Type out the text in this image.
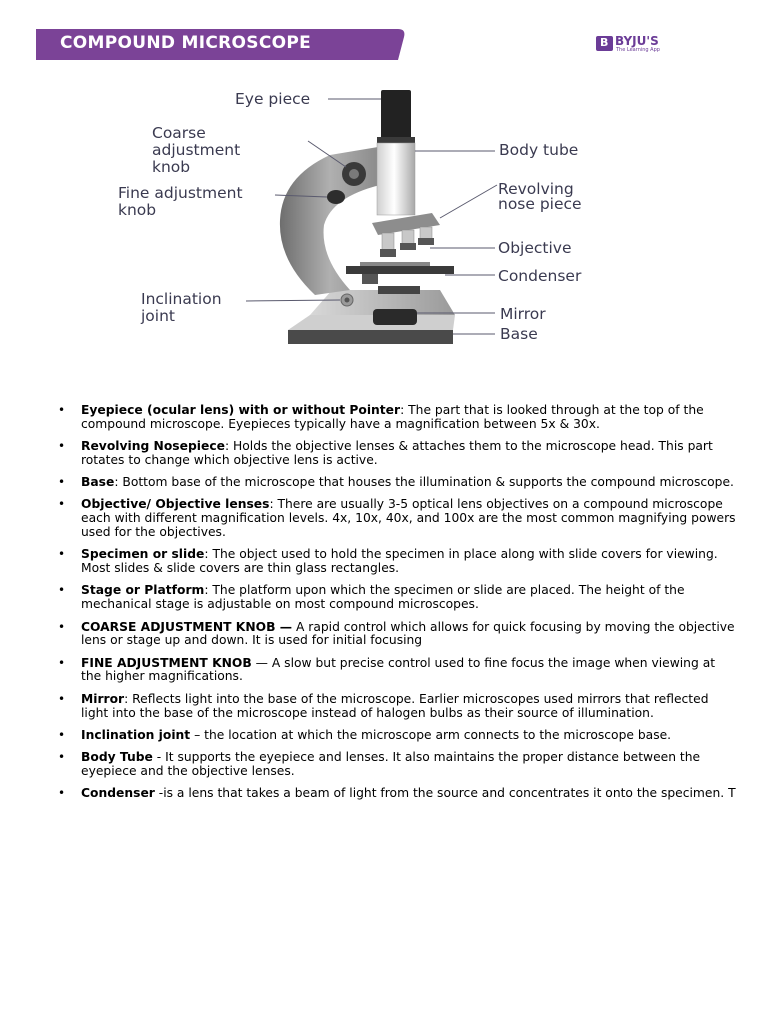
COMPOUND MICROSCOPE	B BYJU'S
The Learning App
Eye piece
Coarse
adjustment
knob
Fine adjustment
knob
Inclination
joint
Body tube
Revolving
nose piece
Objective
Condenser
Mirror
Base
• Eyepiece (ocular lens) with or without Pointer: The part that is looked through at the top of the compound microscope. Eyepieces typically have a magnification between 5x & 30x.
• Revolving Nosepiece: Holds the objective lenses & attaches them to the microscope head. This part rotates to change which objective lens is active.
• Base: Bottom base of the microscope that houses the illumination & supports the compound microscope.
• Objective/ Objective lenses: There are usually 3-5 optical lens objectives on a compound microscope each with different magnification levels. 4x, 10x, 40x, and 100x are the most common magnifying powers used for the objectives.
• Specimen or slide: The object used to hold the specimen in place along with slide covers for viewing. Most slides & slide covers are thin glass rectangles.
• Stage or Platform: The platform upon which the specimen or slide are placed. The height of the mechanical stage is adjustable on most compound microscopes.
• COARSE ADJUSTMENT KNOB — A rapid control which allows for quick focusing by moving the objective lens or stage up and down. It is used for initial focusing
• FINE ADJUSTMENT KNOB — A slow but precise control used to fine focus the image when viewing at the higher magnifications.
• Mirror: Reflects light into the base of the microscope. Earlier microscopes used mirrors that reflected light into the base of the microscope instead of halogen bulbs as their source of illumination.
• Inclination joint – the location at which the microscope arm connects to the microscope base.
• Body Tube - It supports the eyepiece and lenses. It also maintains the proper distance between the eyepiece and the objective lenses.
• Condenser -is a lens that takes a beam of light from the source and concentrates it onto the specimen. T
